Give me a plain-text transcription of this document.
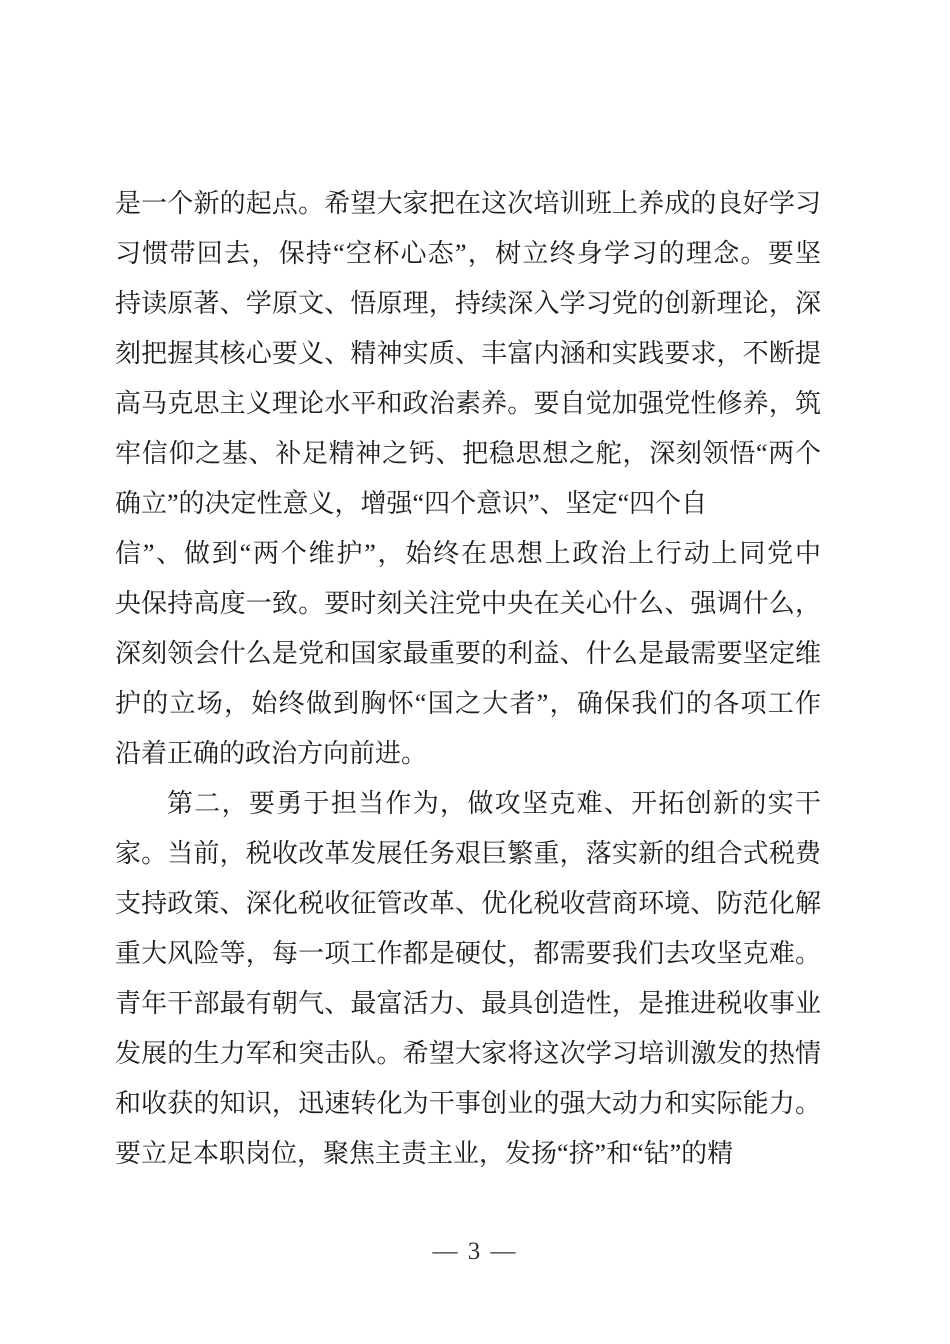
是一个新的起点。希望大家把在这次培训班上养成的良好学习
习惯带回去，保持“空杯心态”，树立终身学习的理念。要坚
持读原著、学原文、悟原理，持续深入学习党的创新理论，深
刻把握其核心要义、精神实质、丰富内涵和实践要求，不断提
高马克思主义理论水平和政治素养。要自觉加强党性修养，筑
牢信仰之基、补足精神之钙、把稳思想之舵，深刻领悟“两个
确立”的决定性意义，增强“四个意识”、坚定“四个自
信”、做到“两个维护”，始终在思想上政治上行动上同党中
央保持高度一致。要时刻关注党中央在关心什么、强调什么，
深刻领会什么是党和国家最重要的利益、什么是最需要坚定维
护的立场，始终做到胸怀“国之大者”，确保我们的各项工作
沿着正确的政治方向前进。
第二，要勇于担当作为，做攻坚克难、开拓创新的实干
家。当前，税收改革发展任务艰巨繁重，落实新的组合式税费
支持政策、深化税收征管改革、优化税收营商环境、防范化解
重大风险等，每一项工作都是硬仗，都需要我们去攻坚克难。
青年干部最有朝气、最富活力、最具创造性，是推进税收事业
发展的生力军和突击队。希望大家将这次学习培训激发的热情
和收获的知识，迅速转化为干事创业的强大动力和实际能力。
要立足本职岗位，聚焦主责主业，发扬“挤”和“钻”的精
— 3 —
